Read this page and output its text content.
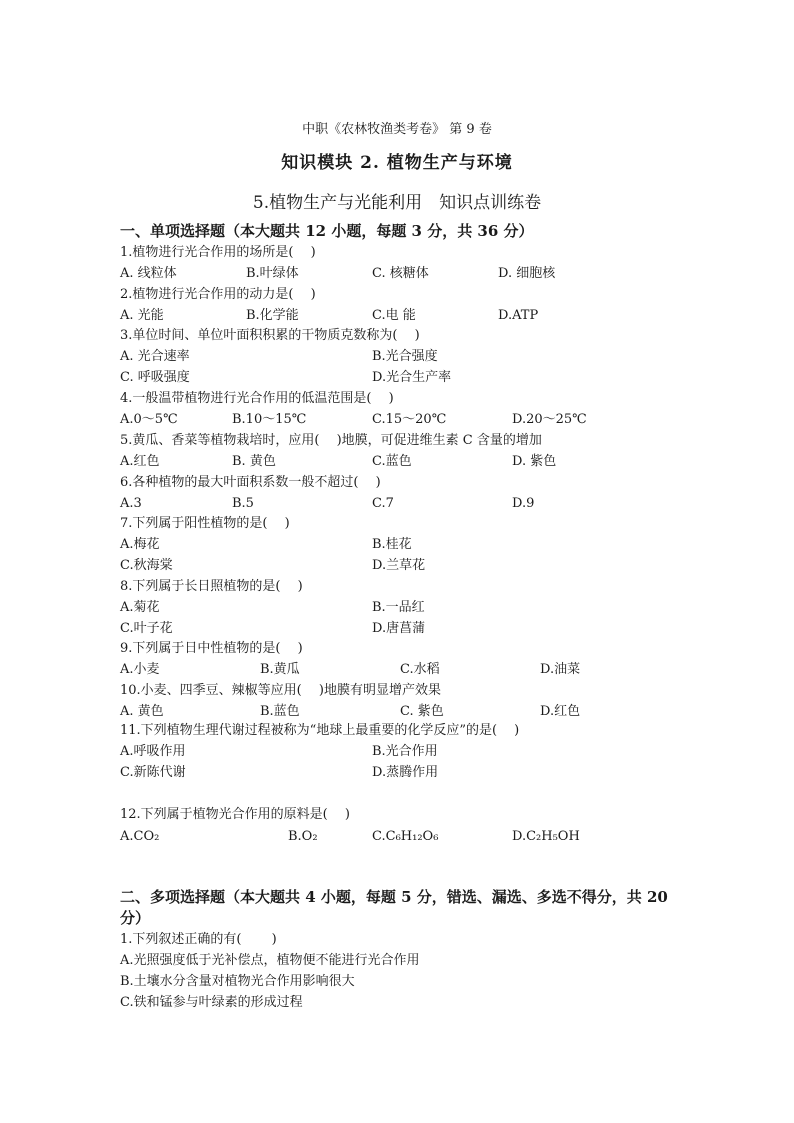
中职《农林牧渔类考卷》 第 9 卷
知识模块 2. 植物生产与环境
5.植物生产与光能利用　知识点训练卷
一、单项选择题（本大题共 12 小题，每题 3 分，共 36 分）
1.植物进行光合作用的场所是(　 )
A. 线粒体	B.叶绿体	C. 核糖体	D. 细胞核
2.植物进行光合作用的动力是(　 )
A. 光能	B.化学能	C.电 能	D.ATP
3.单位时间、单位叶面积积累的干物质克数称为(　 )
A. 光合速率	B.光合强度
C. 呼吸强度	D.光合生产率
4.一般温带植物进行光合作用的低温范围是(　 )
A.0～5℃	B.10～15℃	C.15～20℃	D.20～25℃
5.黄瓜、香菜等植物栽培时，应用(　 )地膜，可促进维生素 C 含量的增加
A.红色	B. 黄色	C.蓝色	D. 紫色
6.各种植物的最大叶面积系数一般不超过(　 )
A.3	B.5	C.7	D.9
7.下列属于阳性植物的是(　 )
A.梅花	B.桂花
C.秋海棠	D.兰草花
8.下列属于长日照植物的是(　 )
A.菊花	B.一品红
C.叶子花	D.唐菖蒲
9.下列属于日中性植物的是(　 )
A.小麦	B.黄瓜	C.水稻	D.油菜
10.小麦、四季豆、辣椒等应用(　 )地膜有明显增产效果
A. 黄色	B.蓝色	C. 紫色	D.红色
11.下列植物生理代谢过程被称为“地球上最重要的化学反应”的是(　 )
A.呼吸作用	B.光合作用
C.新陈代谢	D.蒸腾作用
12.下列属于植物光合作用的原料是(　 )
A.CO₂	B.O₂	C.C₆H₁₂O₆	D.C₂H₅OH
二、多项选择题（本大题共 4 小题，每题 5 分，错选、漏选、多选不得分，共 20 分）
1.下列叙述正确的有(　　 )
A.光照强度低于光补偿点，植物便不能进行光合作用
B.土壤水分含量对植物光合作用影响很大
C.铁和锰参与叶绿素的形成过程
